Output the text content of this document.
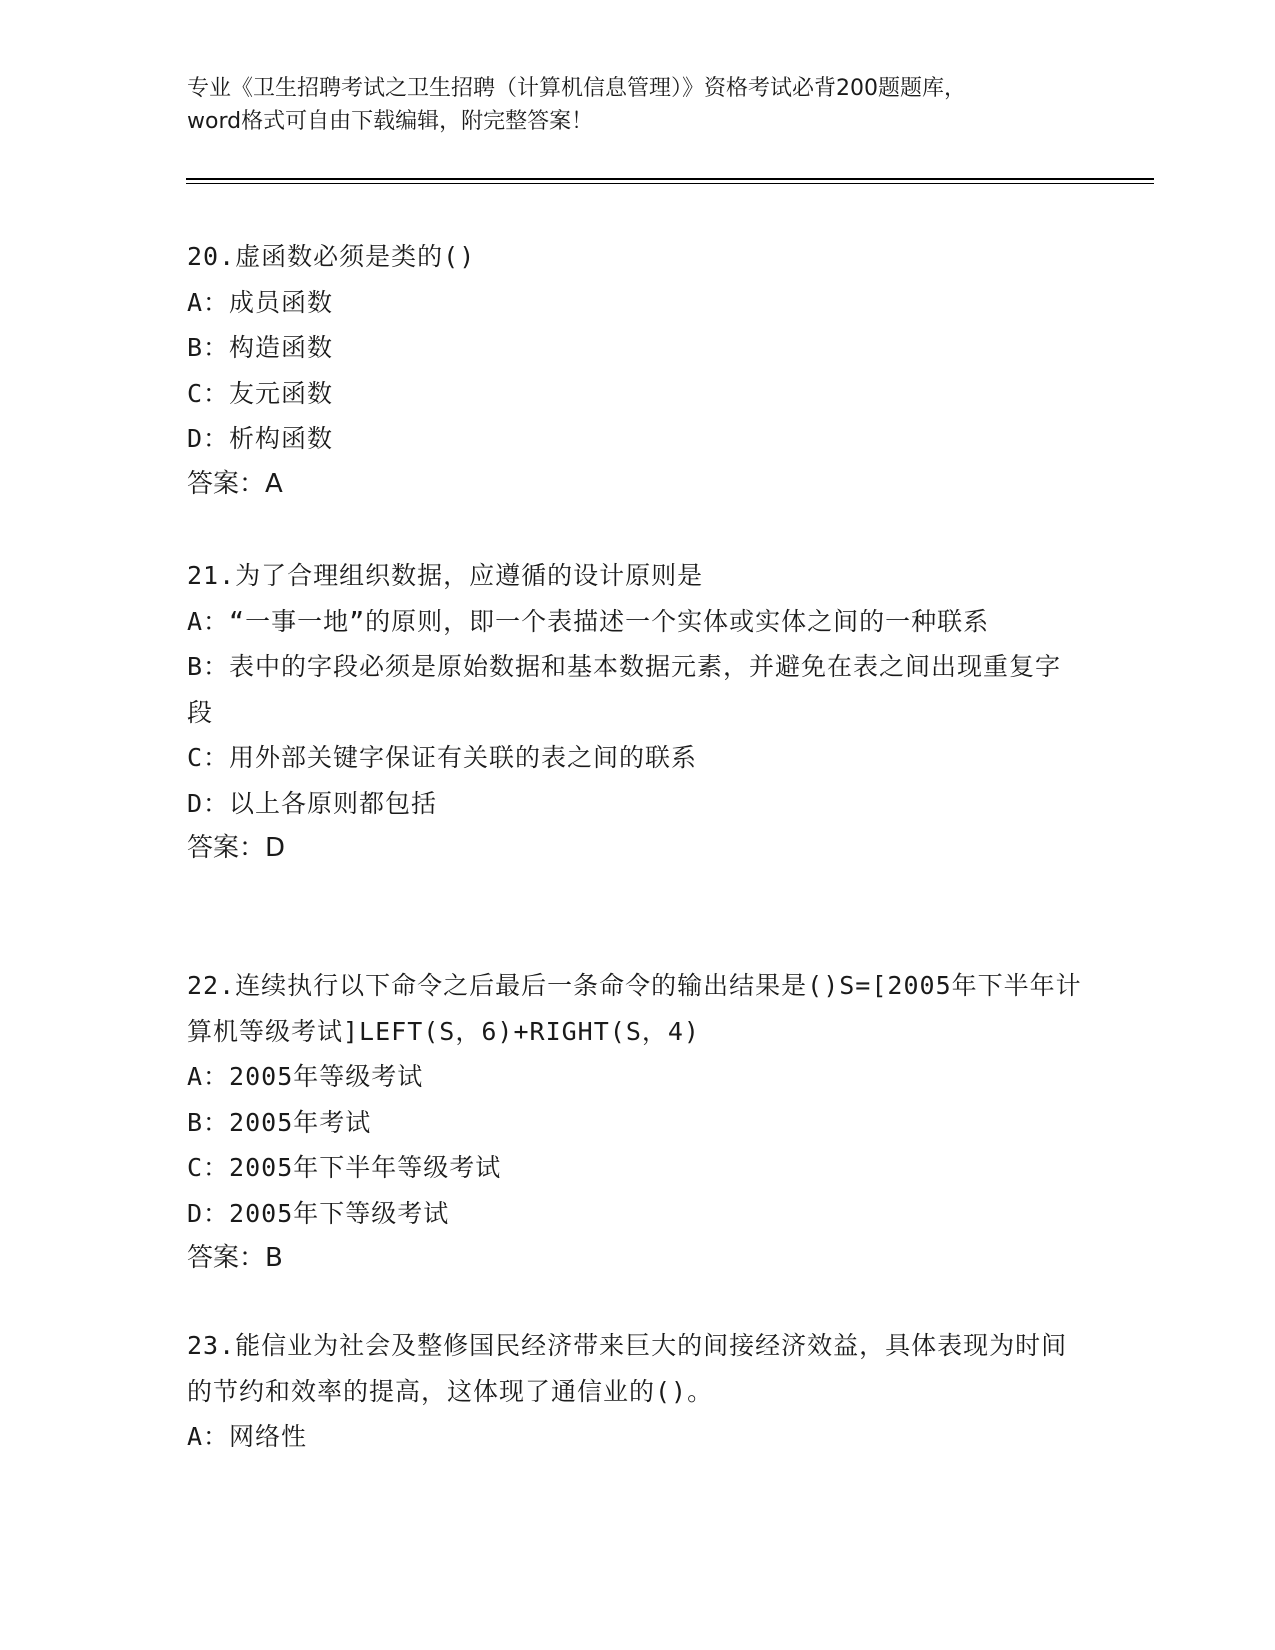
专业《卫生招聘考试之卫生招聘（计算机信息管理）》资格考试必背200题题库，
word格式可自由下载编辑，附完整答案！

20.虚函数必须是类的()

A：成员函数

B：构造函数

C：友元函数

D：析构函数

答案：A

21.为了合理组织数据，应遵循的设计原则是

A：“一事一地”的原则，即一个表描述一个实体或实体之间的一种联系

B：表中的字段必须是原始数据和基本数据元素，并避免在表之间出现重复字段

C：用外部关键字保证有关联的表之间的联系

D：以上各原则都包括

答案：D

22.连续执行以下命令之后最后一条命令的输出结果是()S=[2005年下半年计算机等级考试]LEFT(S，6)+RIGHT(S，4)

A：2005年等级考试

B：2005年考试

C：2005年下半年等级考试

D：2005年下等级考试

答案：B

23.能信业为社会及整修国民经济带来巨大的间接经济效益，具体表现为时间的节约和效率的提高，这体现了通信业的()。

A：网络性
